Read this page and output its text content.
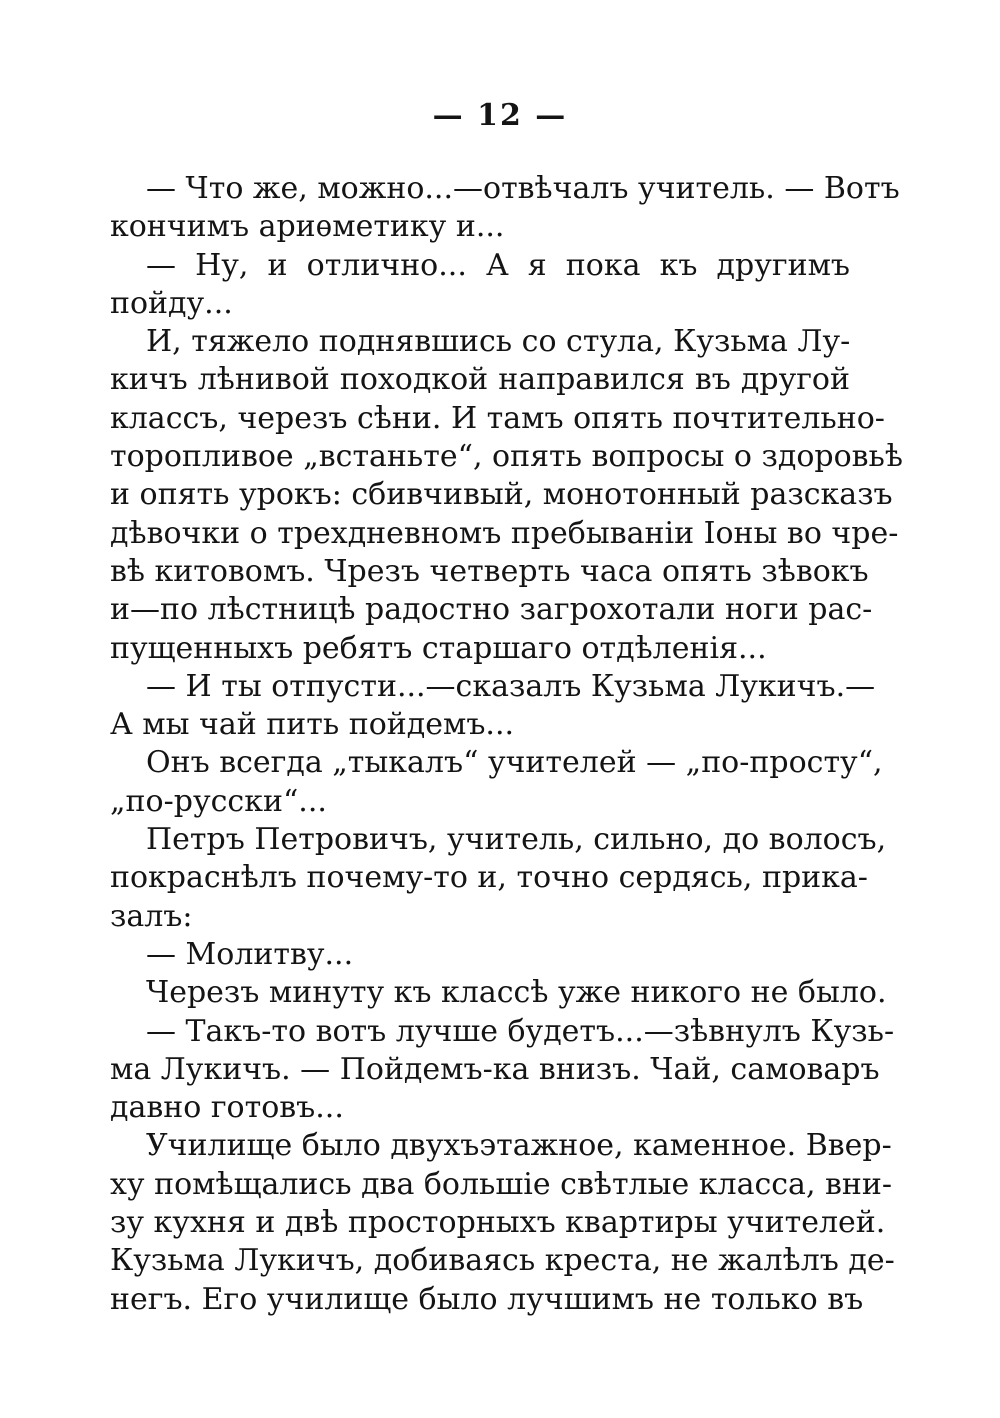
— 12 —
— Что же, можно...—отвѣчалъ учитель. — Вотъ
кончимъ ариѳметику и...
— Ну, и отлично... А я пока къ другимъ
пойду...
И, тяжело поднявшись со стула, Кузьма Лу-
кичъ лѣнивой походкой направился въ другой
классъ, черезъ сѣни. И тамъ опять почтительно-
торопливое „встаньте“, опять вопросы о здоровьѣ
и опять урокъ: сбивчивый, монотонный разсказъ
дѣвочки о трехдневномъ пребываніи Іоны во чре-
вѣ китовомъ. Чрезъ четверть часа опять зѣвокъ
и—по лѣстницѣ радостно загрохотали ноги рас-
пущенныхъ ребятъ старшаго отдѣленія...
— И ты отпусти...—сказалъ Кузьма Лукичъ.—
А мы чай пить пойдемъ...
Онъ всегда „тыкалъ“ учителей — „по-просту“,
„по-русски“...
Петръ Петровичъ, учитель, сильно, до волосъ,
покраснѣлъ почему-то и, точно сердясь, прика-
залъ:
— Молитву...
Черезъ минуту къ классѣ уже никого не было.
— Такъ-то вотъ лучше будетъ...—зѣвнулъ Кузь-
ма Лукичъ. — Пойдемъ-ка внизъ. Чай, самоваръ
давно готовъ...
Училище было двухъэтажное, каменное. Ввер-
ху помѣщались два большіе свѣтлые класса, вни-
зу кухня и двѣ просторныхъ квартиры учителей.
Кузьма Лукичъ, добиваясь креста, не жалѣлъ де-
негъ. Его училище было лучшимъ не только въ
